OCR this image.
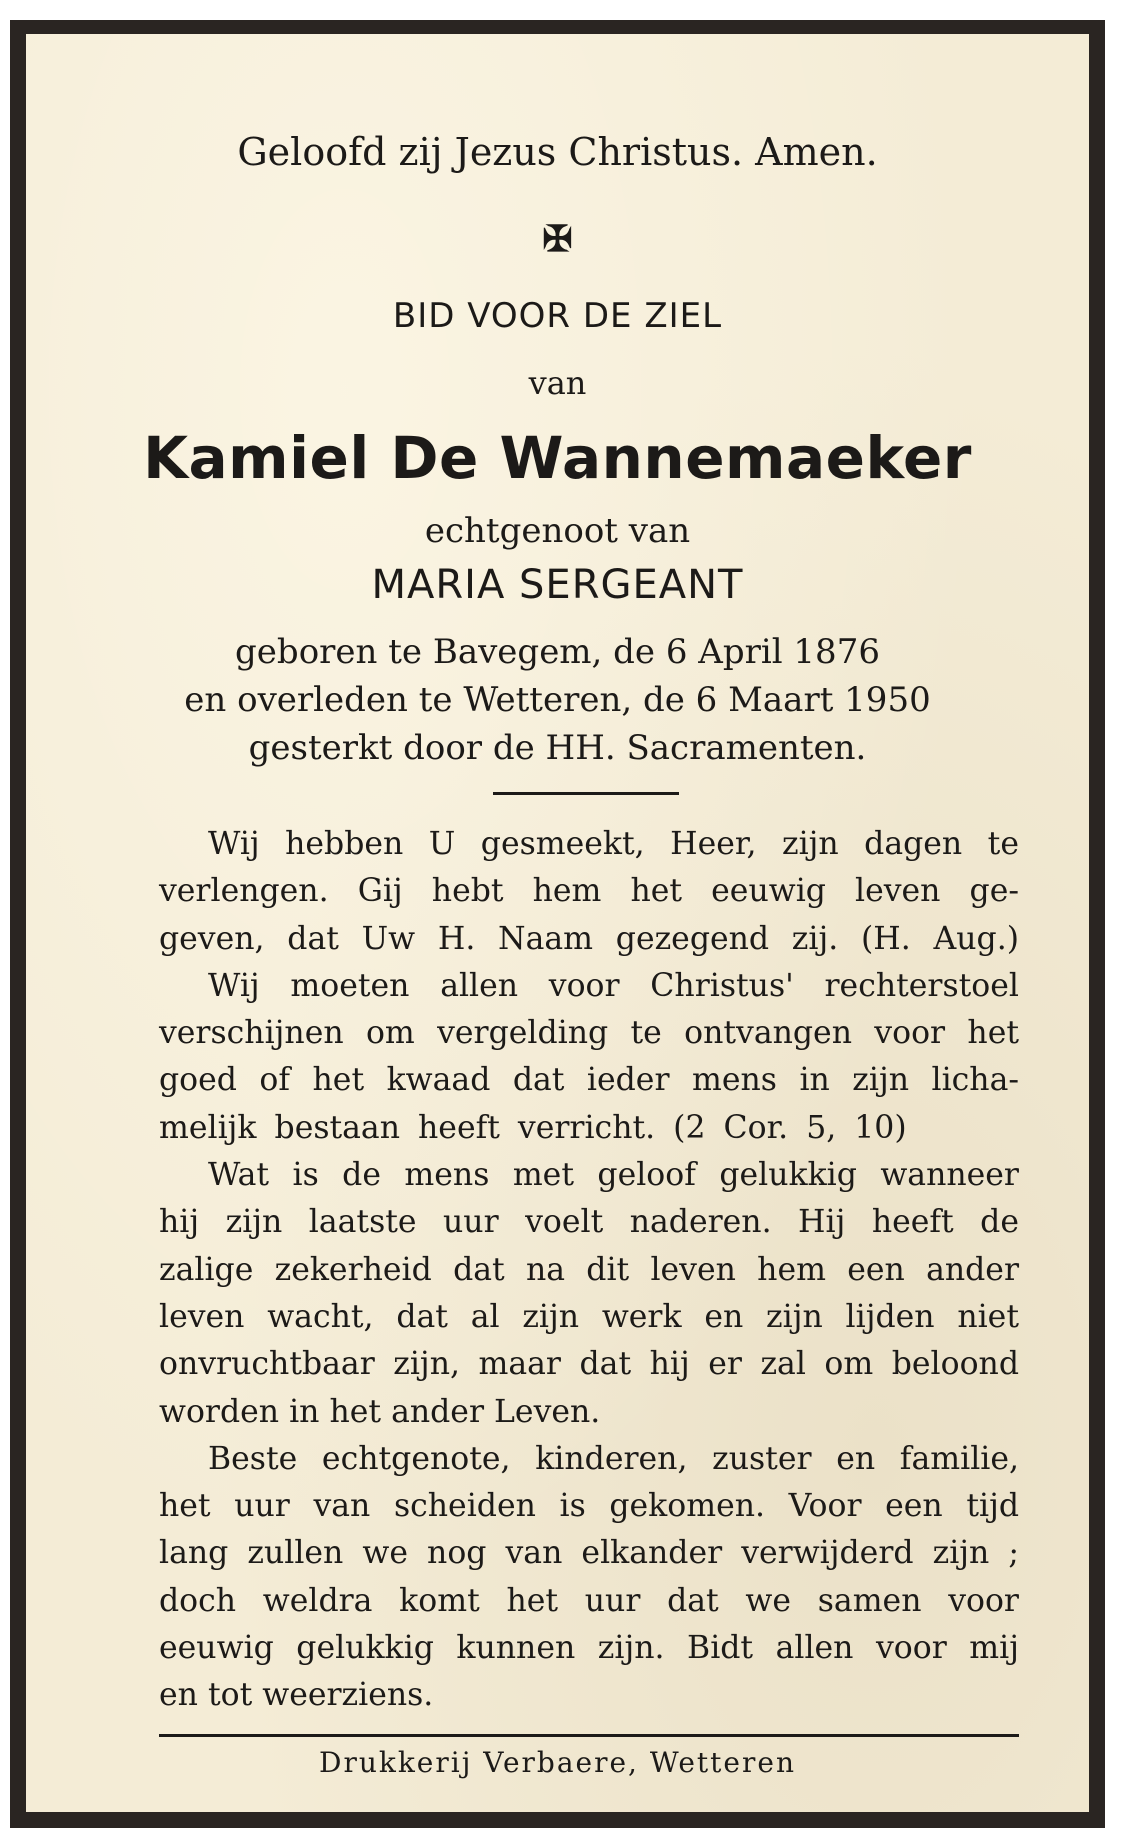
Geloofd zij Jezus Christus. Amen.
✠
BID VOOR DE ZIEL
van
Kamiel De Wannemaeker
echtgenoot van
MARIA SERGEANT
geboren te Bavegem, de 6 April 1876
en overleden te Wetteren, de 6 Maart 1950
gesterkt door de HH. Sacramenten.
Wij hebben U gesmeekt, Heer, zijn dagen te
verlengen. Gij hebt hem het eeuwig leven ge-
geven, dat Uw H. Naam gezegend zij. (H. Aug.)
Wij moeten allen voor Christus' rechterstoel
verschijnen om vergelding te ontvangen voor het
goed of het kwaad dat ieder mens in zijn licha-
melijk bestaan heeft verricht. (2 Cor. 5, 10)
Wat is de mens met geloof gelukkig wanneer
hij zijn laatste uur voelt naderen. Hij heeft de
zalige zekerheid dat na dit leven hem een ander
leven wacht, dat al zijn werk en zijn lijden niet
onvruchtbaar zijn, maar dat hij er zal om beloond
worden in het ander Leven.
Beste echtgenote, kinderen, zuster en familie,
het uur van scheiden is gekomen. Voor een tijd
lang zullen we nog van elkander verwijderd zijn ;
doch weldra komt het uur dat we samen voor
eeuwig gelukkig kunnen zijn. Bidt allen voor mij
en tot weerziens.
Drukkerij Verbaere, Wetteren
